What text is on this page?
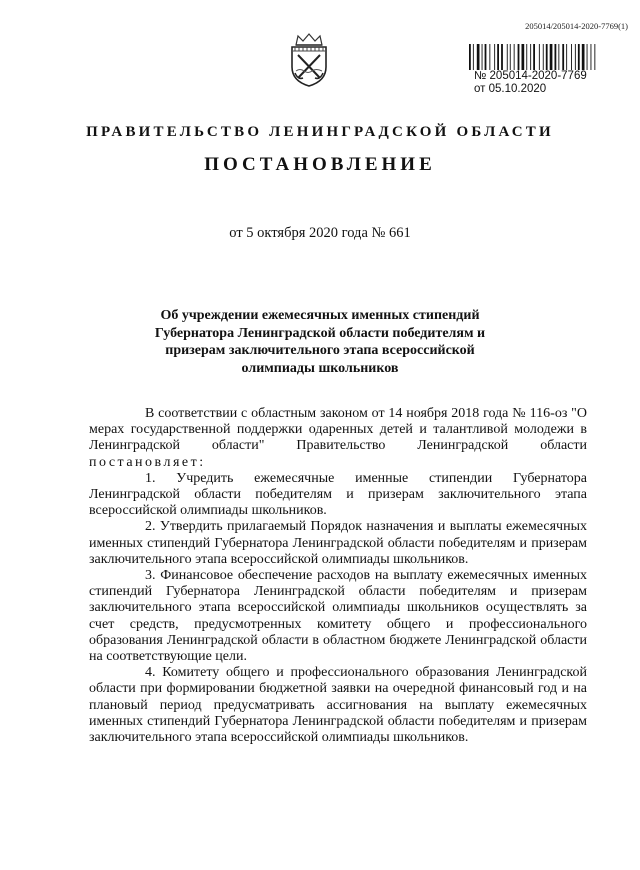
205014/205014-2020-7769(1)
№ 205014-2020-7769
от 05.10.2020
ПРАВИТЕЛЬСТВО ЛЕНИНГРАДСКОЙ ОБЛАСТИ
ПОСТАНОВЛЕНИЕ
от 5 октября 2020 года № 661
Об учреждении ежемесячных именных стипендий Губернатора Ленинградской области победителям и призерам заключительного этапа всероссийской олимпиады школьников

В соответствии с областным законом от 14 ноября 2018 года № 116-оз "О мерах государственной поддержки одаренных детей и талантливой молодежи в Ленинградской области" Правительство Ленинградской области постановляет:

1. Учредить ежемесячные именные стипендии Губернатора Ленинградской области победителям и призерам заключительного этапа всероссийской олимпиады школьников.

2. Утвердить прилагаемый Порядок назначения и выплаты ежемесячных именных стипендий Губернатора Ленинградской области победителям и призерам заключительного этапа всероссийской олимпиады школьников.

3. Финансовое обеспечение расходов на выплату ежемесячных именных стипендий Губернатора Ленинградской области победителям и призерам заключительного этапа всероссийской олимпиады школьников осуществлять за счет средств, предусмотренных комитету общего и профессионального образования Ленинградской области в областном бюджете Ленинградской области на соответствующие цели.

4. Комитету общего и профессионального образования Ленинградской области при формировании бюджетной заявки на очередной финансовый год и на плановый период предусматривать ассигнования на выплату ежемесячных именных стипендий Губернатора Ленинградской области победителям и призерам заключительного этапа всероссийской олимпиады школьников.
